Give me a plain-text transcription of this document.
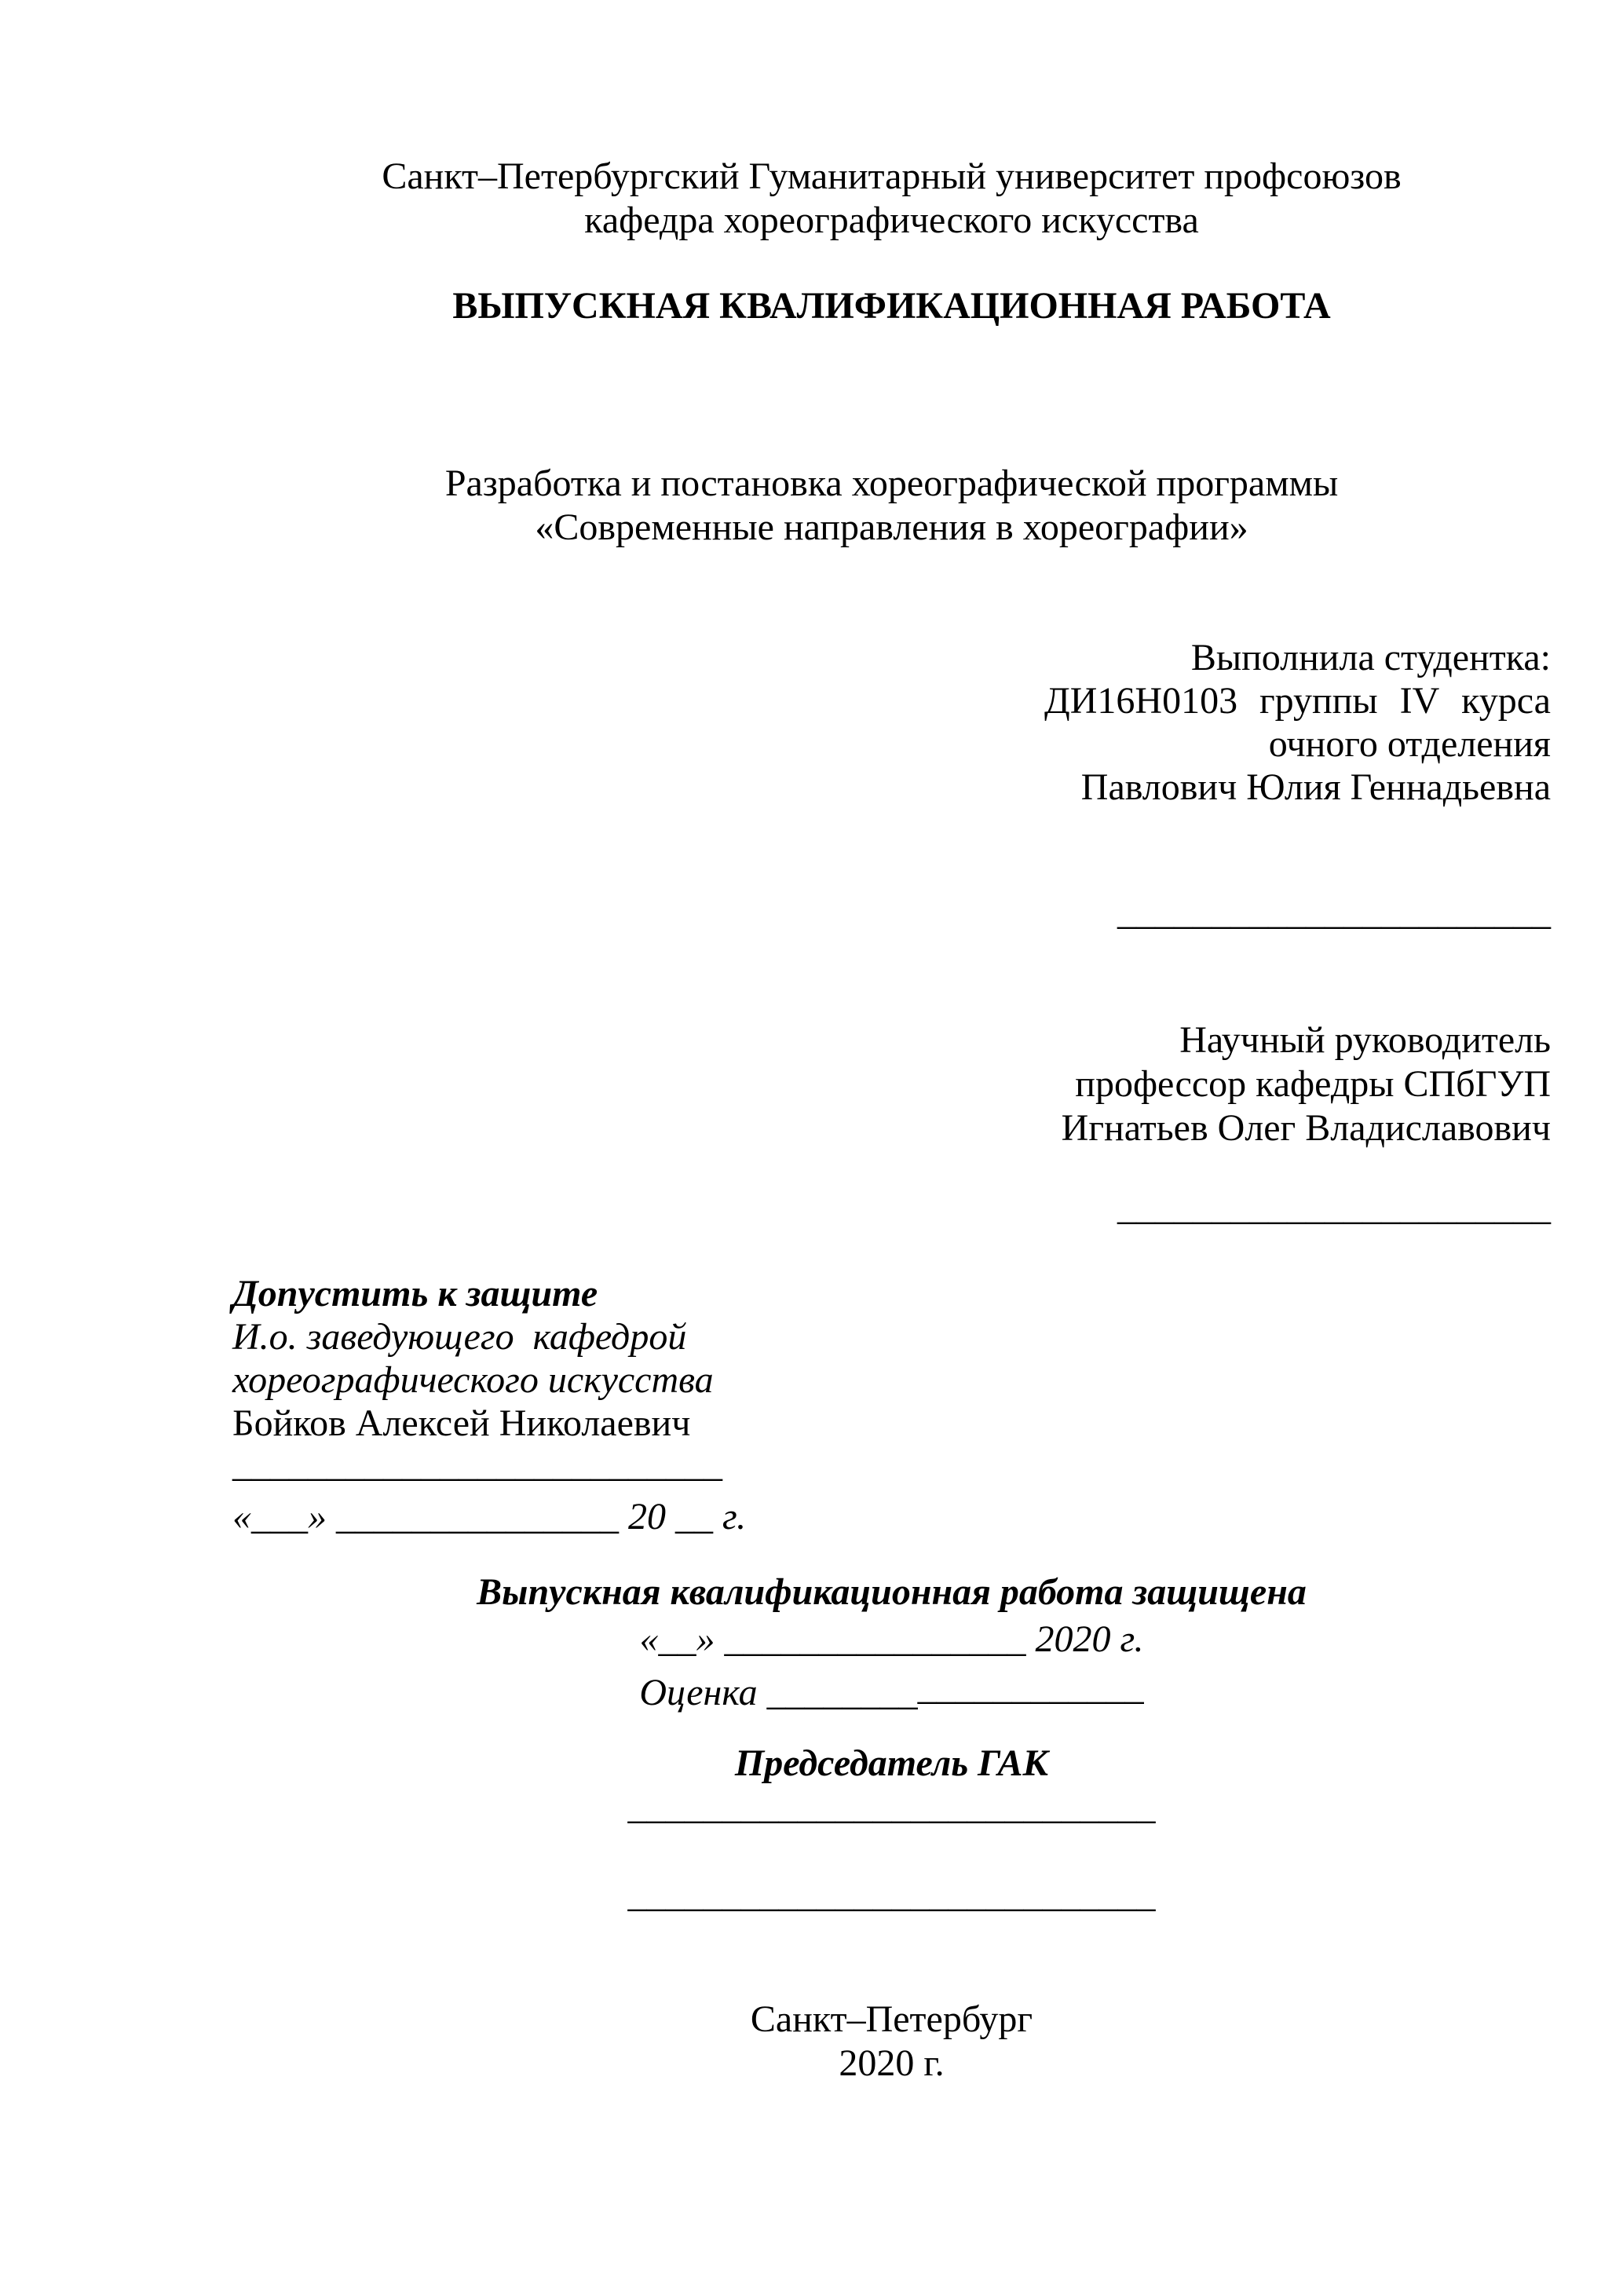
Санкт–Петербургский Гуманитарный университет профсоюзов
кафедра хореографического искусства
ВЫПУСКНАЯ КВАЛИФИКАЦИОННАЯ РАБОТА
Разработка и постановка хореографической программы
«Современные направления в хореографии»
Выполнила студентка:
ДИ16Н0103 группы IV курса
очного отделения
Павлович Юлия Геннадьевна
_______________________
Научный руководитель
профессор кафедры СПбГУП
Игнатьев Олег Владиславович
_______________________
Допустить к защите
И.о. заведующего  кафедрой
хореографического искусства
Бойков Алексей Николаевич
__________________________
«___» _______________ 20 __ г.
Выпускная квалификационная работа защищена
«__» ________________ 2020 г.
Оценка ____________________
Председатель ГАК
____________________________
____________________________
Санкт–Петербург
2020 г.
